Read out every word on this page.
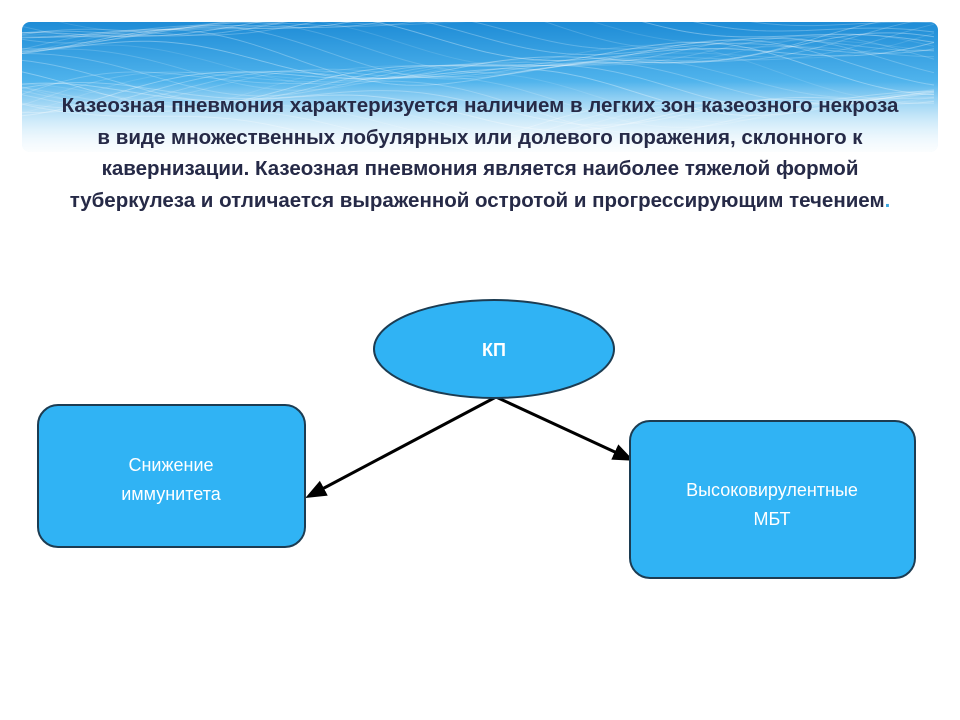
Казеозная пневмония характеризуется наличием в легких зон казеозного некроза в виде множественных лобулярных или долевого поражения, склонного к кавернизации. Казеозная пневмония является наиболее тяжелой формой туберкулеза и отличается выраженной остротой и прогрессирующим течением.

КП
Снижение
иммунитета	Высоковирулентные
МБТ
